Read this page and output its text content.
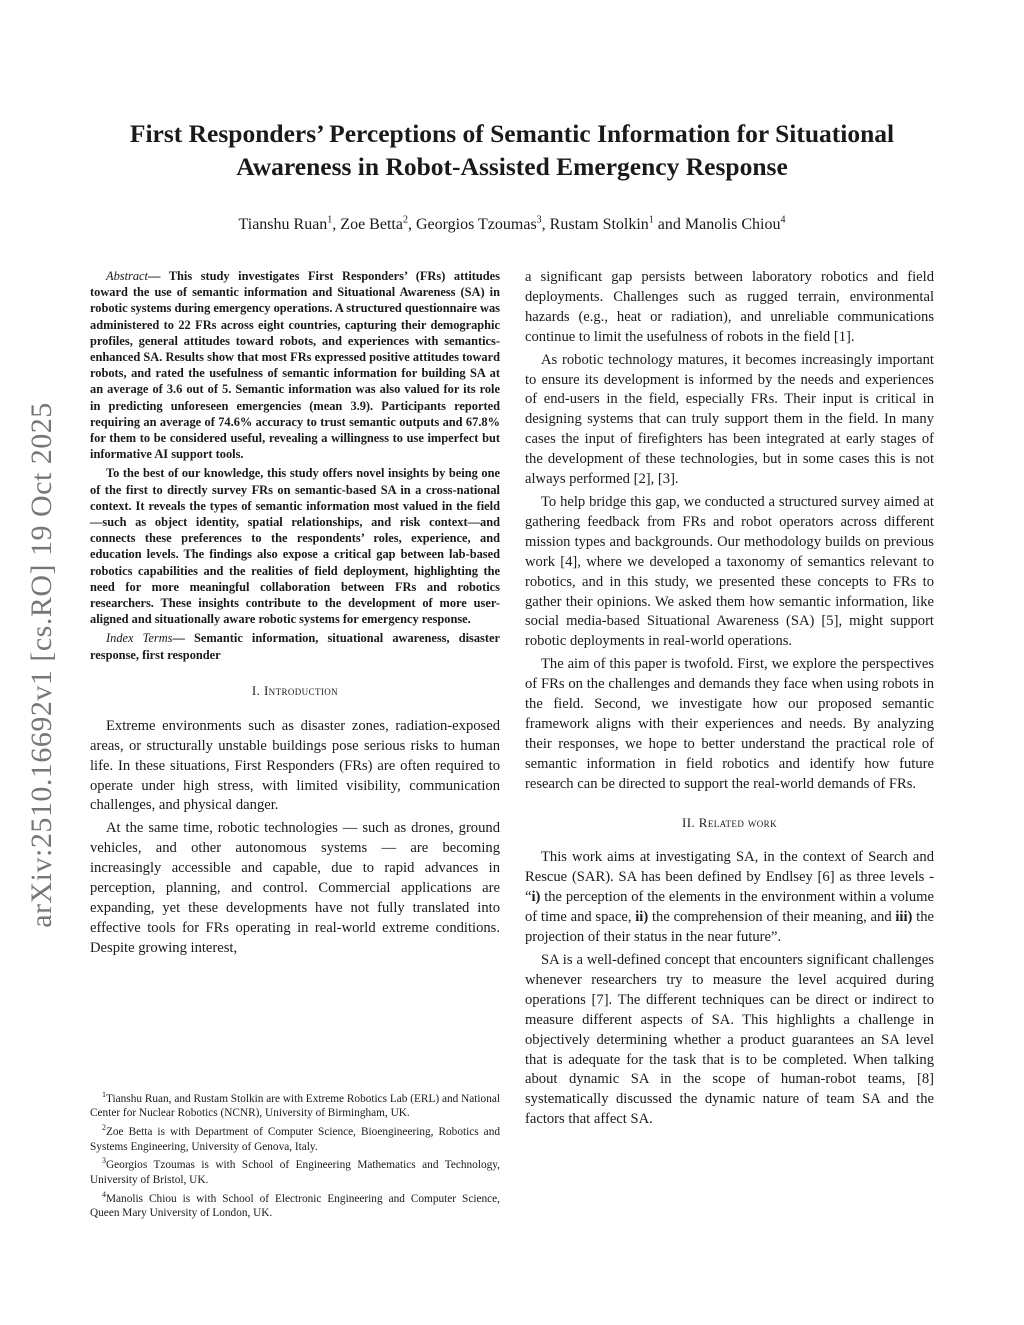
arXiv:2510.16692v1 [cs.RO] 19 Oct 2025
First Responders’ Perceptions of Semantic Information for Situational
Awareness in Robot-Assisted Emergency Response
Tianshu Ruan$^1$, Zoe Betta$^2$, Georgios Tzoumas$^3$, Rustam Stolkin$^1$ and Manolis Chiou$^4$

Abstract— This study investigates First Responders’ (FRs) attitudes toward the use of semantic information and Situational Awareness (SA) in robotic systems during emergency operations. A structured questionnaire was administered to 22 FRs across eight countries, capturing their demographic profiles, general attitudes toward robots, and experiences with semantics-enhanced SA. Results show that most FRs expressed positive attitudes toward robots, and rated the usefulness of semantic information for building SA at an average of 3.6 out of 5. Semantic information was also valued for its role in predicting unforeseen emergencies (mean 3.9). Participants reported requiring an average of 74.6% accuracy to trust semantic outputs and 67.8% for them to be considered useful, revealing a willingness to use imperfect but informative AI support tools.

To the best of our knowledge, this study offers novel insights by being one of the first to directly survey FRs on semantic-based SA in a cross-national context. It reveals the types of semantic information most valued in the field—such as object identity, spatial relationships, and risk context—and connects these preferences to the respondents’ roles, experience, and education levels. The findings also expose a critical gap between lab-based robotics capabilities and the realities of field deployment, highlighting the need for more meaningful collaboration between FRs and robotics researchers. These insights contribute to the development of more user-aligned and situationally aware robotic systems for emergency response.

Index Terms— Semantic information, situational awareness, disaster response, first responder

I. Introduction

Extreme environments such as disaster zones, radiation-exposed areas, or structurally unstable buildings pose serious risks to human life. In these situations, First Responders (FRs) are often required to operate under high stress, with limited visibility, communication challenges, and physical danger.

At the same time, robotic technologies — such as drones, ground vehicles, and other autonomous systems — are becoming increasingly accessible and capable, due to rapid advances in perception, planning, and control. Commercial applications are expanding, yet these developments have not fully translated into effective tools for FRs operating in real-world extreme conditions. Despite growing interest,

$^1$Tianshu Ruan, and Rustam Stolkin are with Extreme Robotics Lab (ERL) and National Center for Nuclear Robotics (NCNR), University of Birmingham, UK.

$^2$Zoe Betta is with Department of Computer Science, Bioengineering, Robotics and Systems Engineering, University of Genova, Italy.

$^3$Georgios Tzoumas is with School of Engineering Mathematics and Technology, University of Bristol, UK.

$^4$Manolis Chiou is with School of Electronic Engineering and Computer Science, Queen Mary University of London, UK.

a significant gap persists between laboratory robotics and field deployments. Challenges such as rugged terrain, environmental hazards (e.g., heat or radiation), and unreliable communications continue to limit the usefulness of robots in the field [1].

As robotic technology matures, it becomes increasingly important to ensure its development is informed by the needs and experiences of end-users in the field, especially FRs. Their input is critical in designing systems that can truly support them in the field. In many cases the input of firefighters has been integrated at early stages of the development of these technologies, but in some cases this is not always performed [2], [3].

To help bridge this gap, we conducted a structured survey aimed at gathering feedback from FRs and robot operators across different mission types and backgrounds. Our methodology builds on previous work [4], where we developed a taxonomy of semantics relevant to robotics, and in this study, we presented these concepts to FRs to gather their opinions. We asked them how semantic information, like social media-based Situational Awareness (SA) [5], might support robotic deployments in real-world operations.

The aim of this paper is twofold. First, we explore the perspectives of FRs on the challenges and demands they face when using robots in the field. Second, we investigate how our proposed semantic framework aligns with their experiences and needs. By analyzing their responses, we hope to better understand the practical role of semantic information in field robotics and identify how future research can be directed to support the real-world demands of FRs.

II. Related work

This work aims at investigating SA, in the context of Search and Rescue (SAR). SA has been defined by Endlsey [6] as three levels - “i) the perception of the elements in the environment within a volume of time and space, ii) the comprehension of their meaning, and iii) the projection of their status in the near future”.

SA is a well-defined concept that encounters significant challenges whenever researchers try to measure the level acquired during operations [7]. The different techniques can be direct or indirect to measure different aspects of SA. This highlights a challenge in objectively determining whether a product guarantees an SA level that is adequate for the task that is to be completed. When talking about dynamic SA in the scope of human-robot teams, [8] systematically discussed the dynamic nature of team SA and the factors that affect SA.
